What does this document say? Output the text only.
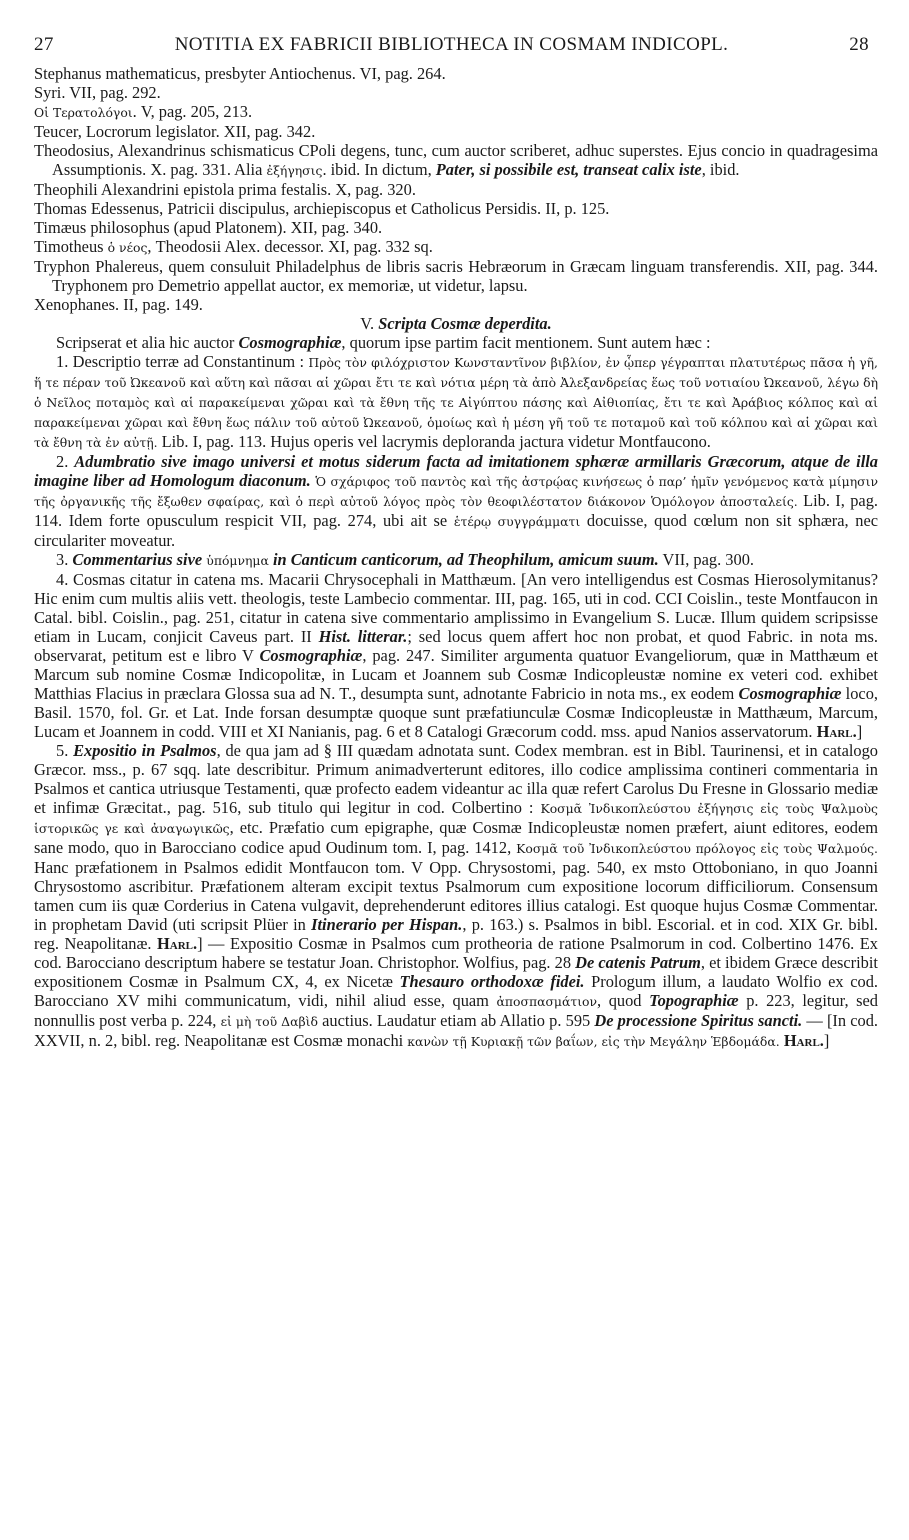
27	NOTITIA EX FABRICII BIBLIOTHECA IN COSMAM INDICOPL.	28

Stephanus mathematicus, presbyter Antiochenus. VI, pag. 264.

Syri. VII, pag. 292.

Οἱ Τερατολόγοι. V, pag. 205, 213.

Teucer, Locrorum legislator. XII, pag. 342.

Theodosius, Alexandrinus schismaticus CPoli degens, tunc, cum auctor scriberet, adhuc superstes. Ejus concio in quadragesima Assumptionis. X. pag. 331. Alia ἐξήγησις. ibid. In dictum, Pater, si possibile est, transeat calix iste, ibid.

Theophili Alexandrini epistola prima festalis. X, pag. 320.

Thomas Edessenus, Patricii discipulus, archiepiscopus et Catholicus Persidis. II, p. 125.

Timæus philosophus (apud Platonem). XII, pag. 340.

Timotheus ὁ νέος, Theodosii Alex. decessor. XI, pag. 332 sq.

Tryphon Phalereus, quem consuluit Philadelphus de libris sacris Hebræorum in Græcam linguam transferendis. XII, pag. 344. Tryphonem pro Demetrio appellat auctor, ex memoriæ, ut videtur, lapsu.

Xenophanes. II, pag. 149.

V. Scripta Cosmæ deperdita.

Scripserat et alia hic auctor Cosmographiæ, quorum ipse partim facit mentionem. Sunt autem hæc :

1. Descriptio terræ ad Constantinum : Πρὸς τὸν φιλόχριστον Κωνσταντῖνον βιβλίον, ἐν ᾧπερ γέγραπται πλατυτέρως πᾶσα ἡ γῆ, ἥ τε πέραν τοῦ Ὠκεανοῦ καὶ αὕτη καὶ πᾶσαι αἱ χῶραι ἔτι τε καὶ νότια μέρη τὰ ἀπὸ Ἀλεξανδρείας ἕως τοῦ νοτιαίου Ὠκεανοῦ, λέγω δὴ ὁ Νεῖλος ποταμὸς καὶ αἱ παρακείμεναι χῶραι καὶ τὰ ἔθνη τῆς τε Αἰγύπτου πάσης καὶ Αἰθιοπίας, ἔτι τε καὶ Ἀράβιος κόλπος καὶ αἱ παρακείμεναι χῶραι καὶ ἔθνη ἕως πάλιν τοῦ αὐτοῦ Ὠκεανοῦ, ὁμοίως καὶ ἡ μέση γῆ τοῦ τε ποταμοῦ καὶ τοῦ κόλπου καὶ αἱ χῶραι καὶ τὰ ἔθνη τὰ ἐν αὐτῇ. Lib. I, pag. 113. Hujus operis vel lacrymis deploranda jactura videtur Montfaucono.

2. Adumbratio sive imago universi et motus siderum facta ad imitationem sphæræ armillaris Græcorum, atque de illa imagine liber ad Homologum diaconum. Ὁ σχάριφος τοῦ παντὸς καὶ τῆς ἀστρῴας κινήσεως ὁ παρ’ ἡμῖν γενόμενος κατὰ μίμησιν τῆς ὀργανικῆς τῆς ἔξωθεν σφαίρας, καὶ ὁ περὶ αὐτοῦ λόγος πρὸς τὸν θεοφιλέστατον διάκονον Ὁμόλογον ἀποσταλείς. Lib. I, pag. 114. Idem forte opusculum respicit VII, pag. 274, ubi ait se ἑτέρῳ συγγράμματι docuisse, quod cœlum non sit sphæra, nec circulariter moveatur.

3. Commentarius sive ὑπόμνημα in Canticum canticorum, ad Theophilum, amicum suum. VII, pag. 300.

4. Cosmas citatur in catena ms. Macarii Chrysocephali in Matthæum. [An vero intelligendus est Cosmas Hierosolymitanus? Hic enim cum multis aliis vett. theologis, teste Lambecio commentar. III, pag. 165, uti in cod. CCI Coislin., teste Montfaucon in Catal. bibl. Coislin., pag. 251, citatur in catena sive commentario amplissimo in Evangelium S. Lucæ. Illum quidem scripsisse etiam in Lucam, conjicit Caveus part. II Hist. litterar.; sed locus quem affert hoc non probat, et quod Fabric. in nota ms. observarat, petitum est e libro V Cosmographiæ, pag. 247. Similiter argumenta quatuor Evangeliorum, quæ in Matthæum et Marcum sub nomine Cosmæ Indicopolitæ, in Lucam et Joannem sub Cosmæ Indicopleustæ nomine ex veteri cod. exhibet Matthias Flacius in præclara Glossa sua ad N. T., desumpta sunt, adnotante Fabricio in nota ms., ex eodem Cosmographiæ loco, Basil. 1570, fol. Gr. et Lat. Inde forsan desumptæ quoque sunt præfatiunculæ Cosmæ Indicopleustæ in Matthæum, Marcum, Lucam et Joannem in codd. VIII et XI Nanianis, pag. 6 et 8 Catalogi Græcorum codd. mss. apud Nanios asservatorum. Harl.]

5. Expositio in Psalmos, de qua jam ad § III quædam adnotata sunt. Codex membran. est in Bibl. Taurinensi, et in catalogo Græcor. mss., p. 67 sqq. late describitur. Primum animadverterunt editores, illo codice amplissima contineri commentaria in Psalmos et cantica utriusque Testamenti, quæ profecto eadem videantur ac illa quæ refert Carolus Du Fresne in Glossario mediæ et infimæ Græcitat., pag. 516, sub titulo qui legitur in cod. Colbertino : Κοσμᾶ Ἰνδικοπλεύστου ἐξήγησις εἰς τοὺς Ψαλμοὺς ἱστορικῶς γε καὶ ἀναγωγικῶς, etc. Præfatio cum epigraphe, quæ Cosmæ Indicopleustæ nomen præfert, aiunt editores, eodem sane modo, quo in Barocciano codice apud Oudinum tom. I, pag. 1412, Κοσμᾶ τοῦ Ἰνδικοπλεύστου πρόλογος εἰς τοὺς Ψαλμούς. Hanc præfationem in Psalmos edidit Montfaucon tom. V Opp. Chrysostomi, pag. 540, ex msto Ottoboniano, in quo Joanni Chrysostomo ascribitur. Præfationem alteram excipit textus Psalmorum cum expositione locorum difficiliorum. Consensum tamen cum iis quæ Corderius in Catena vulgavit, deprehenderunt editores illius catalogi. Est quoque hujus Cosmæ Commentar. in prophetam David (uti scripsit Plüer in Itinerario per Hispan., p. 163.) s. Psalmos in bibl. Escorial. et in cod. XIX Gr. bibl. reg. Neapolitanæ. Harl.] — Expositio Cosmæ in Psalmos cum protheoria de ratione Psalmorum in cod. Colbertino 1476. Ex cod. Barocciano descriptum habere se testatur Joan. Christophor. Wolfius, pag. 28 De catenis Patrum, et ibidem Græce describit expositionem Cosmæ in Psalmum CX, 4, ex Nicetæ Thesauro orthodoxæ fidei. Prologum illum, a laudato Wolfio ex cod. Barocciano XV mihi communicatum, vidi, nihil aliud esse, quam ἀποσπασμάτιον, quod Topographiæ p. 223, legitur, sed nonnullis post verba p. 224, εἰ μὴ τοῦ Δαβὶδ auctius. Laudatur etiam ab Allatio p. 595 De processione Spiritus sancti. — [In cod. XXVII, n. 2, bibl. reg. Neapolitanæ est Cosmæ monachi κανὼν τῇ Κυριακῇ τῶν βαΐων, εἰς τὴν Μεγάλην Ἑβδομάδα. Harl.]
